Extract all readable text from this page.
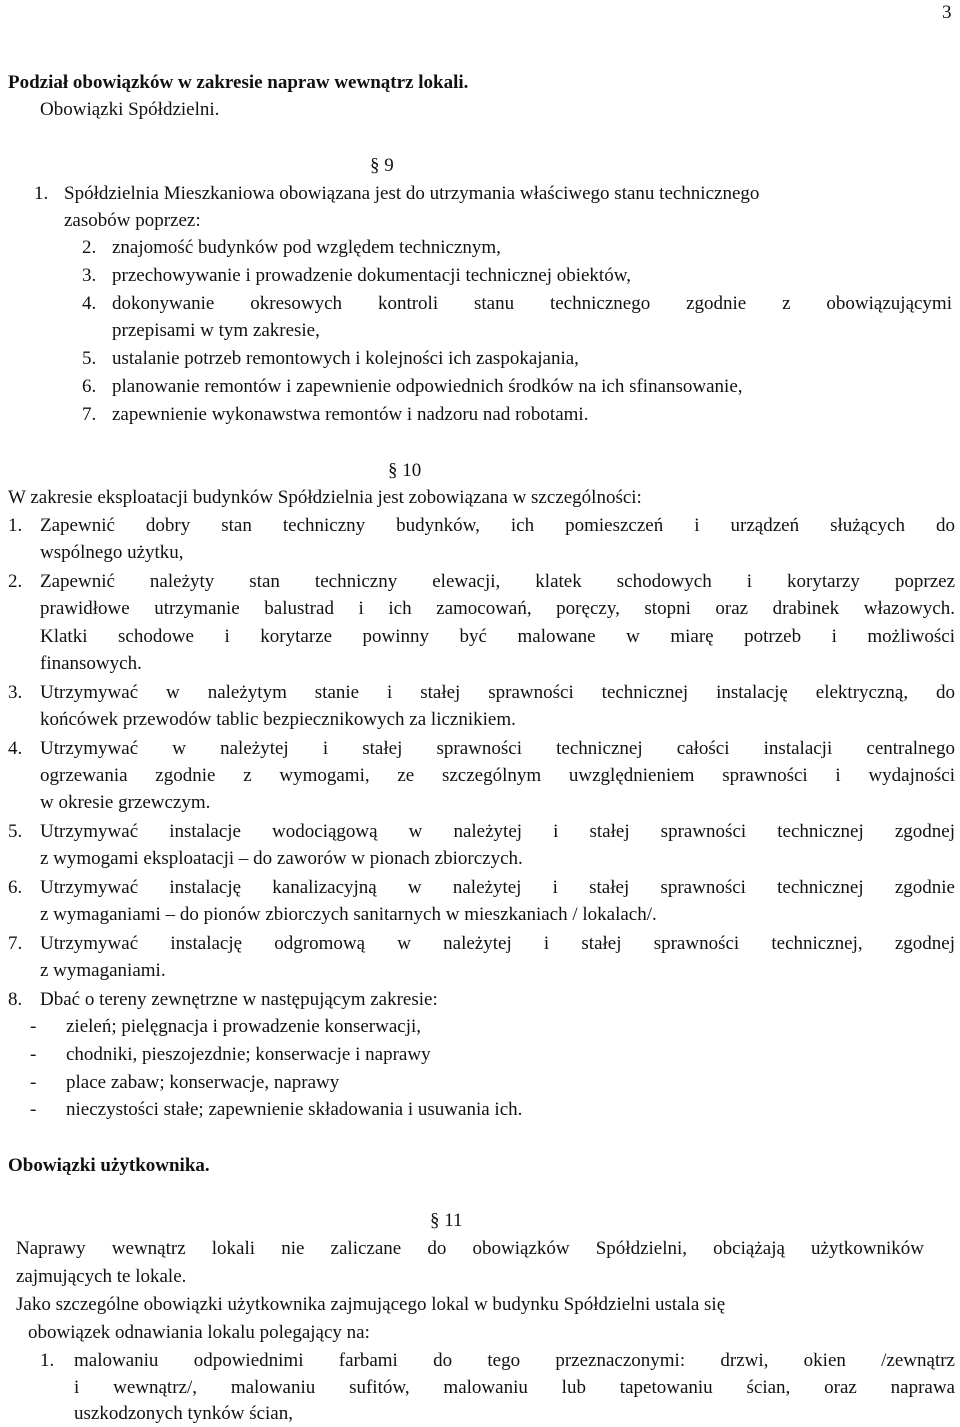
3
Podział obowiązków w zakresie napraw wewnątrz lokali.
Obowiązki Spółdzielni.
§ 9
1. Spółdzielnia Mieszkaniowa obowiązana jest do utrzymania właściwego stanu technicznego
zasobów poprzez:
2. znajomość budynków pod względem technicznym,
3. przechowywanie i prowadzenie dokumentacji technicznej obiektów,
4. dokonywanie okresowych kontroli stanu technicznego zgodnie z obowiązującymi
przepisami w tym zakresie,
5. ustalanie potrzeb remontowych i kolejności ich zaspokajania,
6. planowanie remontów i zapewnienie odpowiednich środków na ich sfinansowanie,
7. zapewnienie wykonawstwa remontów i nadzoru nad robotami.
§ 10
W zakresie eksploatacji budynków Spółdzielnia jest zobowiązana w szczególności:
1. Zapewnić dobry stan techniczny budynków, ich pomieszczeń i urządzeń służących do
wspólnego użytku,
2. Zapewnić należyty stan techniczny elewacji, klatek schodowych i korytarzy poprzez
prawidłowe utrzymanie balustrad i ich zamocowań, poręczy, stopni oraz drabinek włazowych.
Klatki schodowe i korytarze powinny być malowane w miarę potrzeb i możliwości
finansowych.
3. Utrzymywać w należytym stanie i stałej sprawności technicznej instalację elektryczną, do
końcówek przewodów tablic bezpiecznikowych za licznikiem.
4. Utrzymywać w należytej i stałej sprawności technicznej całości instalacji centralnego
ogrzewania zgodnie z wymogami, ze szczególnym uwzględnieniem sprawności i wydajności
w okresie grzewczym.
5. Utrzymywać instalacje wodociągową w należytej i stałej sprawności technicznej zgodnej
z wymogami eksploatacji – do zaworów w pionach zbiorczych.
6. Utrzymywać instalację kanalizacyjną w należytej i stałej sprawności technicznej zgodnie
z wymaganiami – do pionów zbiorczych sanitarnych w mieszkaniach / lokalach/.
7. Utrzymywać instalację odgromową w należytej i stałej sprawności technicznej, zgodnej
z wymaganiami.
8. Dbać o tereny zewnętrzne w następującym zakresie:
- zieleń; pielęgnacja i prowadzenie konserwacji,
- chodniki, pieszojezdnie; konserwacje i naprawy
- place zabaw; konserwacje, naprawy
- nieczystości stałe; zapewnienie składowania i usuwania ich.
Obowiązki użytkownika.
§ 11
Naprawy wewnątrz lokali nie zaliczane do obowiązków Spółdzielni, obciążają użytkowników
zajmujących te lokale.
Jako szczególne obowiązki użytkownika zajmującego lokal w budynku Spółdzielni ustala się
obowiązek odnawiania lokalu polegający na:
1. malowaniu odpowiednimi farbami do tego przeznaczonymi: drzwi, okien /zewnątrz
i wewnątrz/, malowaniu sufitów, malowaniu lub tapetowaniu ścian, oraz naprawa
uszkodzonych tynków ścian,
